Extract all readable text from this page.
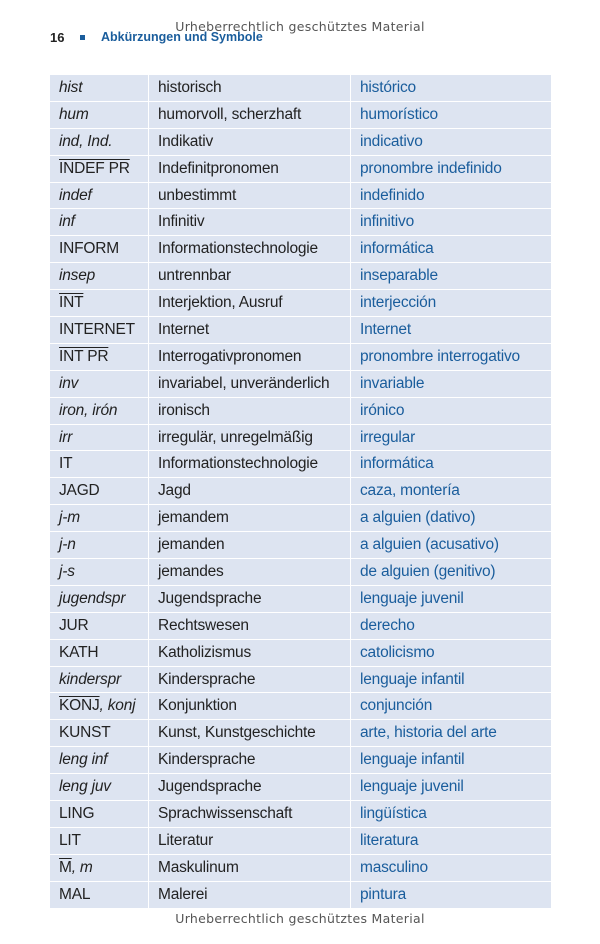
Urheberrechtlich geschütztes Material
16	Abkürzungen und Symbole
hist	historisch	histórico
hum	humorvoll, scherzhaft	humorístico
ind, Ind.	Indikativ	indicativo
INDEF PR	Indefinitpronomen	pronombre indefinido
indef	unbestimmt	indefinido
inf	Infinitiv	infinitivo
INFORM	Informationstechnologie	informática
insep	untrennbar	inseparable
$\overline{INT}$	Interjektion, Ausruf	interjección
INTERNET	Internet	Internet
INT PR	Interrogativpronomen	pronombre interrogativo
inv	invariabel, unveränderlich	invariable
iron, irón	ironisch	irónico
irr	irregulär, unregelmäßig	irregular
IT	Informationstechnologie	informática
JAGD	Jagd	caza, montería
j-m	jemandem	a alguien (dativo)
j-n	jemanden	a alguien (acusativo)
j-s	jemandes	de alguien (genitivo)
jugendspr	Jugendsprache	lenguaje juvenil
JUR	Rechtswesen	derecho
KATH	Katholizismus	catolicismo
kinderspr	Kindersprache	lenguaje infantil
KONJ , konj	Konjunktion	conjunción
KUNST	Kunst, Kunstgeschichte	arte, historia del arte
leng inf	Kindersprache	lenguaje infantil
leng juv	Jugendsprache	lenguaje juvenil
LING	Sprachwissenschaft	lingüística
LIT	Literatur	literatura
$\overline{M}$ , m	Maskulinum	masculino
MAL	Malerei	pintura
Urheberrechtlich geschütztes Material
